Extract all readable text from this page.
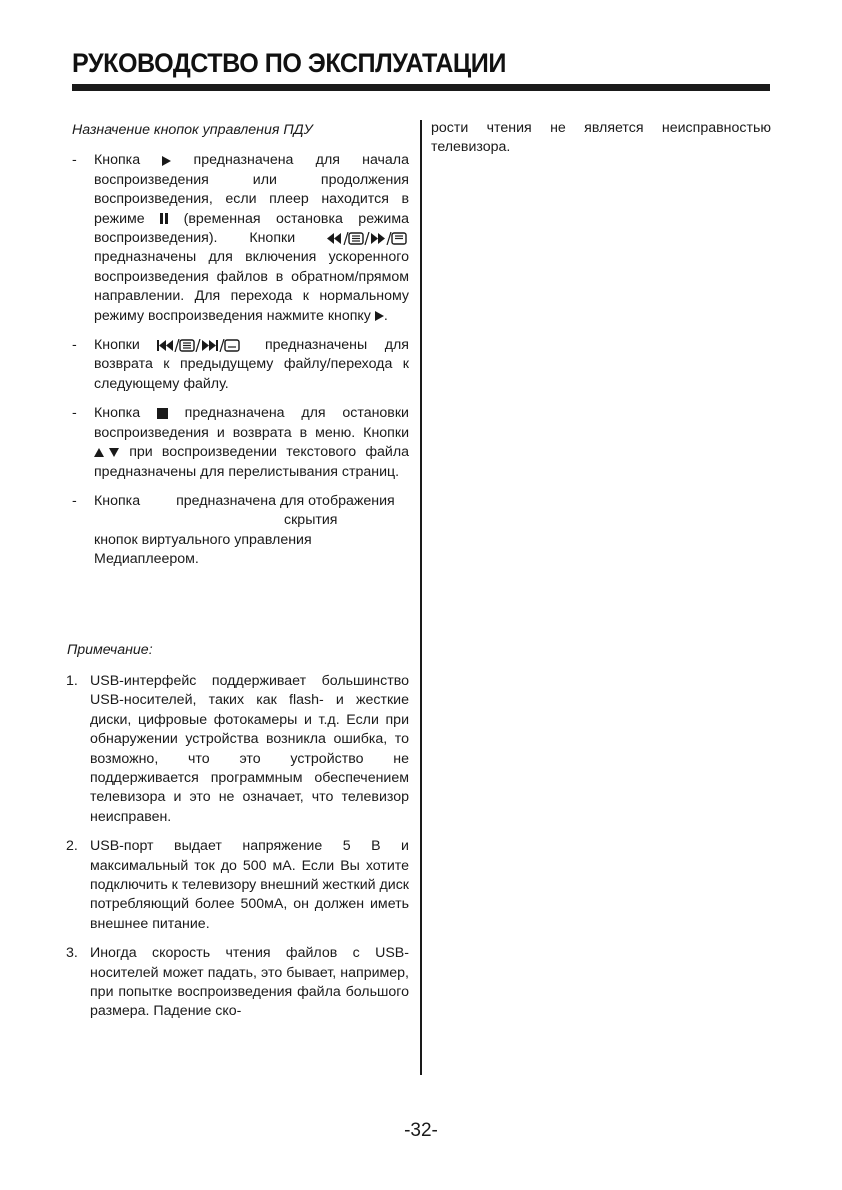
РУКОВОДСТВО ПО ЭКСПЛУАТАЦИИ

Назначение кнопок управления ПДУ

- Кнопка	предназначена для начала воспроизведения или продолжения воспроизведения, если плеер находится в режиме	(временная остановка режима воспроизведения). Кнопки  предназначены для включения ускоренного воспроизведения файлов в обратном/прямом направлении. Для перехода к нормальному режиму воспроизведения нажмите кнопку .
- Кнопки	предназначены для возврата к предыдущему файлу/переходa к следующему файлу.
- Кнопка	предназначена для остановки воспроизведения и возврата в меню. Кнопки  при воспроизведении текстового файла предназначены для перелистывания страниц.
- Кнопка	предназначена для отображения
скрытия
кнопок виртуального управления Медиаплеером.

Примечание:

1. USB-интерфейс поддерживает большинство USB-носителей, таких как flash- и жесткие диски, цифровые фотокамеры и т.д. Если при обнаружении устройства возникла ошибка, то возможно, что это устройство не поддерживается программным обеспечением телевизора и это не означает, что телевизор неисправен.
2. USB-порт выдает напряжение 5 В и максимальный ток до 500 мА. Если Вы хотите подключить к телевизору внешний жесткий диск потребляющий более 500мА, он должен иметь внешнее питание.
3. Иногда скорость чтения файлов с USB-носителей может падать, это бывает, например, при попытке воспроизведения файла большого размера. Падение ско-

рости чтения не является неисправностью телевизора.

-32-
